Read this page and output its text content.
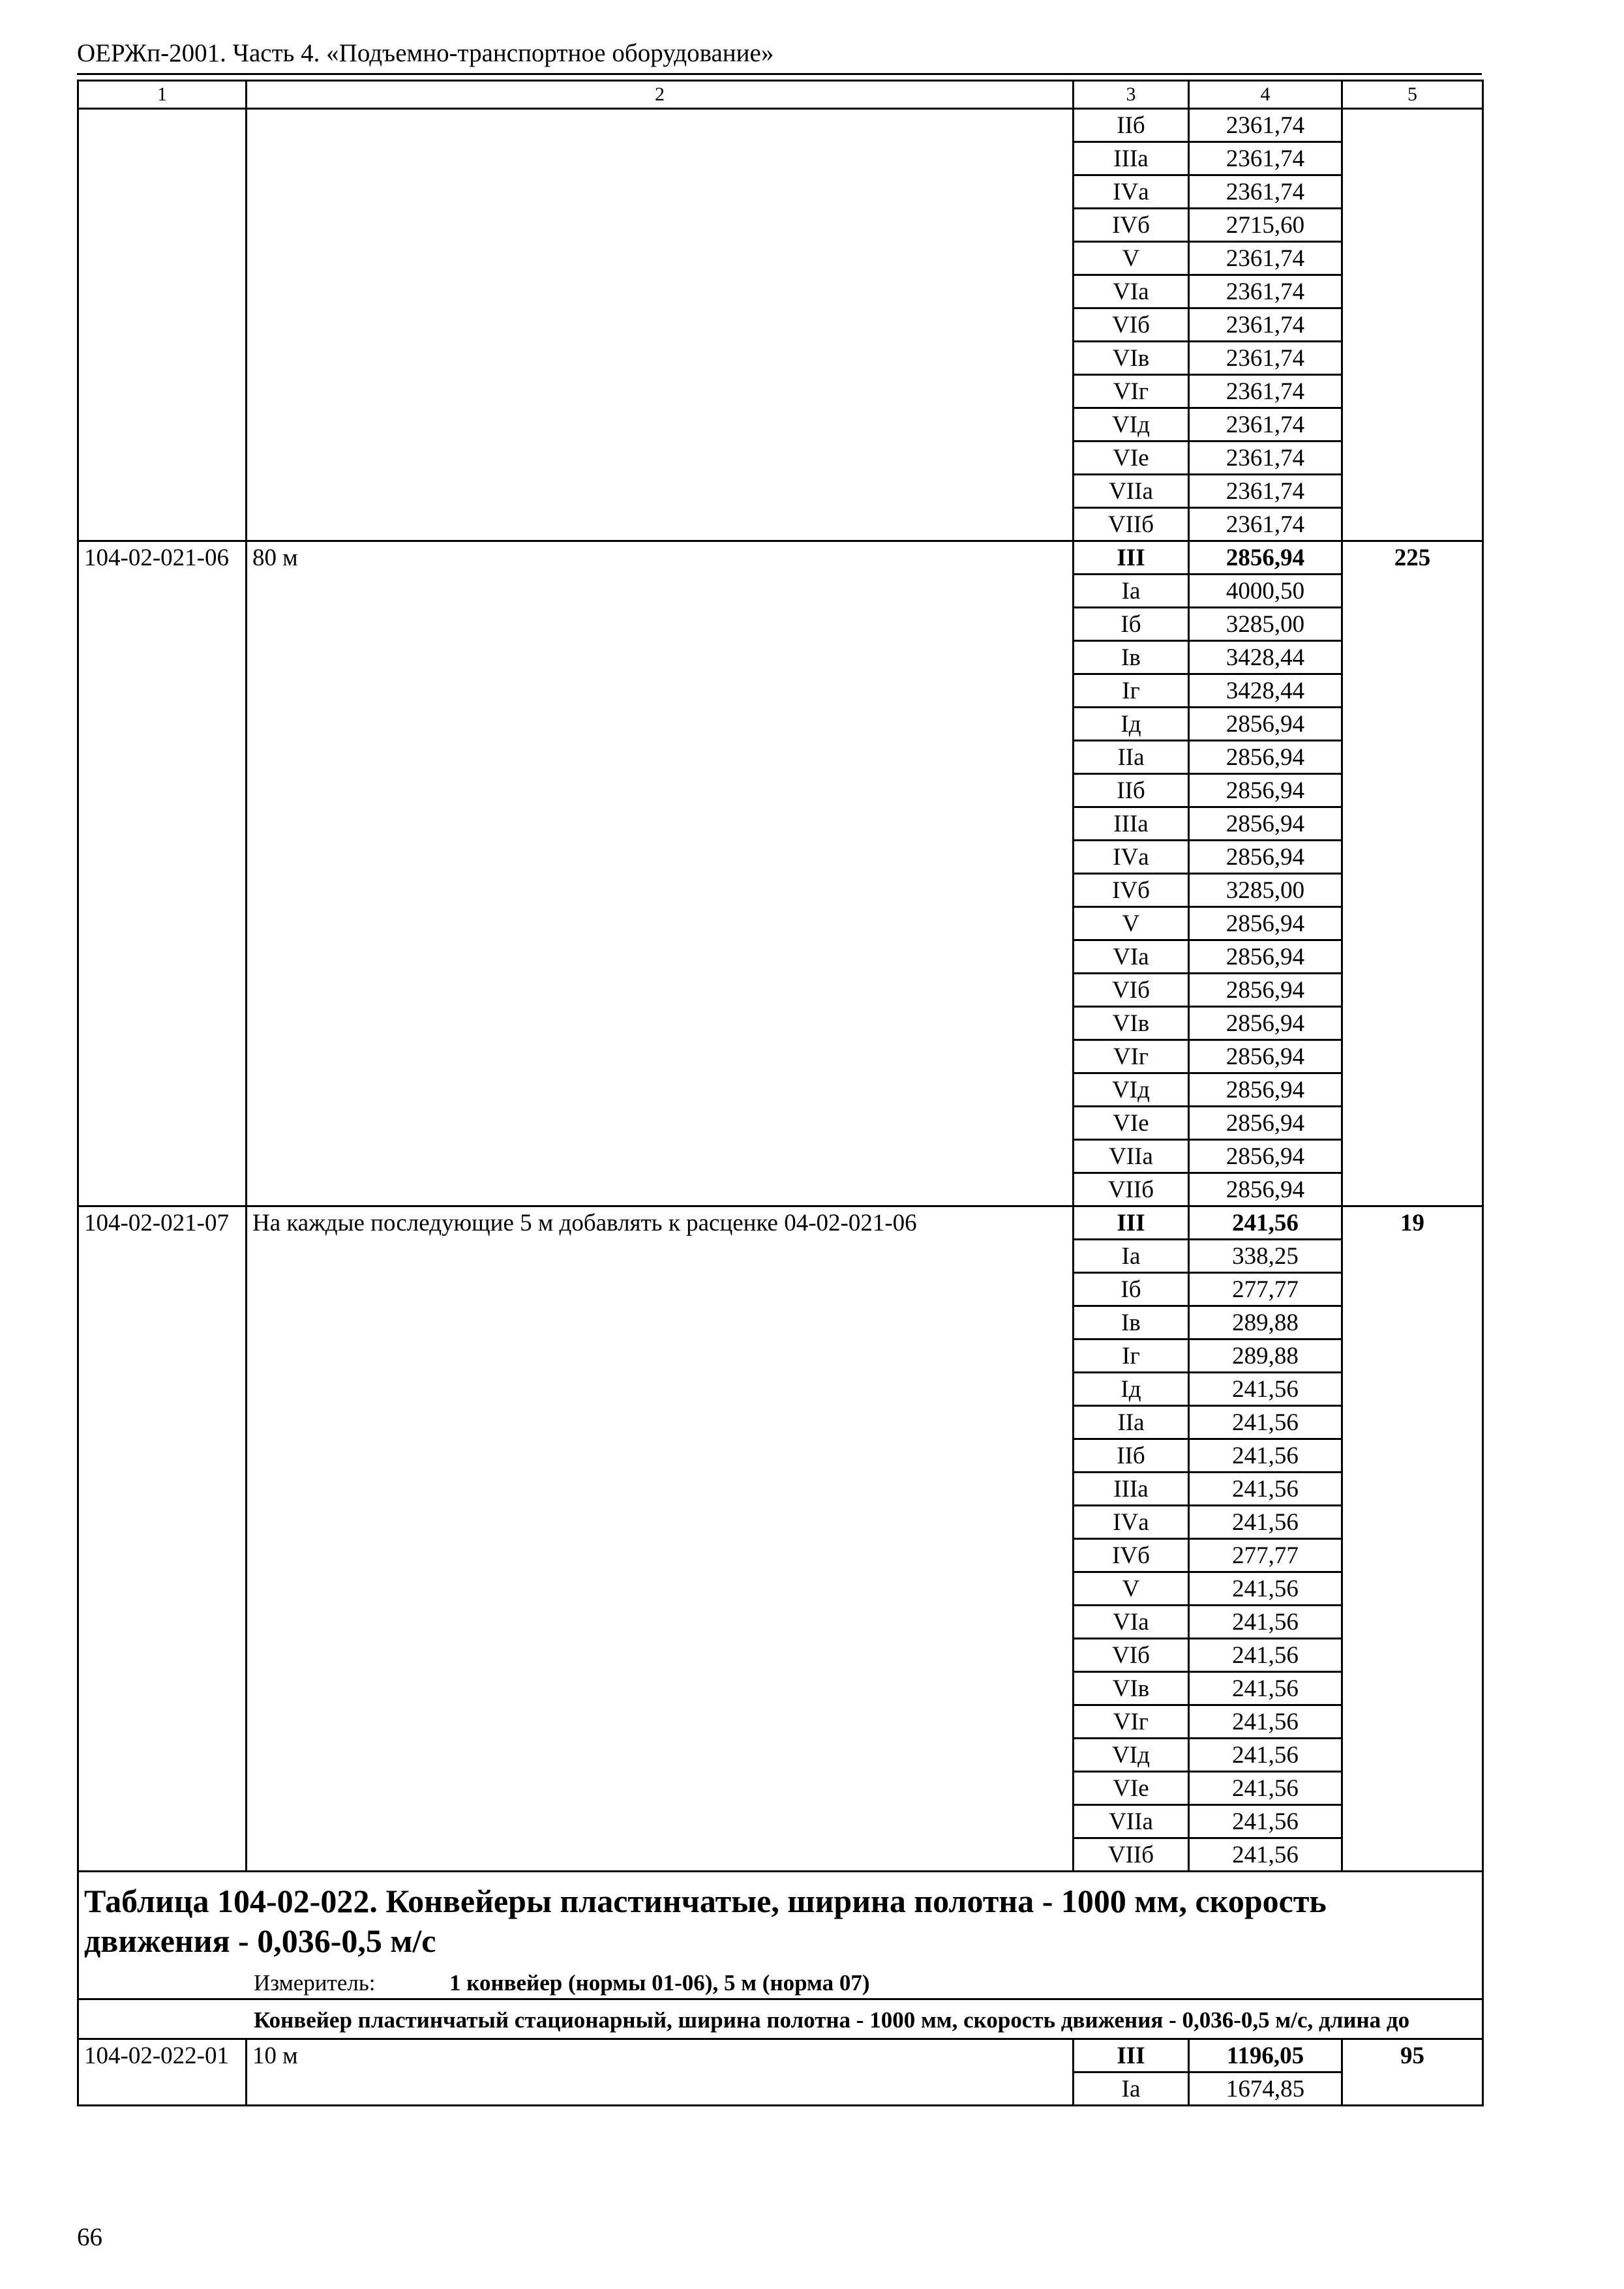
ОЕРЖп-2001. Часть 4. «Подъемно-транспортное оборудование»
1	2	3	4	5
		IIб	2361,74	
		IIIа	2361,74	
		IVа	2361,74	
		IVб	2715,60	
		V	2361,74	
		VIа	2361,74	
		VIб	2361,74	
		VIв	2361,74	
		VIг	2361,74	
		VIд	2361,74	
		VIе	2361,74	
		VIIа	2361,74	
		VIIб	2361,74	
104-02-021-06	80 м	III	2856,94	225
		Iа	4000,50	
		Iб	3285,00	
		Iв	3428,44	
		Iг	3428,44	
		Iд	2856,94	
		IIа	2856,94	
		IIб	2856,94	
		IIIа	2856,94	
		IVа	2856,94	
		IVб	3285,00	
		V	2856,94	
		VIа	2856,94	
		VIб	2856,94	
		VIв	2856,94	
		VIг	2856,94	
		VIд	2856,94	
		VIе	2856,94	
		VIIа	2856,94	
		VIIб	2856,94	
104-02-021-07	На каждые последующие 5 м добавлять к расценке 04-02-021-06	III	241,56	19
		Iа	338,25	
		Iб	277,77	
		Iв	289,88	
		Iг	289,88	
		Iд	241,56	
		IIа	241,56	
		IIб	241,56	
		IIIа	241,56	
		IVа	241,56	
		IVб	277,77	
		V	241,56	
		VIа	241,56	
		VIб	241,56	
		VIв	241,56	
		VIг	241,56	
		VIд	241,56	
		VIе	241,56	
		VIIа	241,56	
		VIIб	241,56	

Таблица 104-02-022. Конвейеры пластинчатые, ширина полотна - 1000 мм, скорость движения - 0,036-0,5 м/с
Измеритель: 1 конвейер (нормы 01-06), 5 м (норма 07)				

Конвейер пластинчатый стационарный, ширина полотна - 1000 мм, скорость движения - 0,036-0,5 м/с, длина до				

104-02-022-01	10 м	III	1196,05	95
		Iа	1674,85	
66
